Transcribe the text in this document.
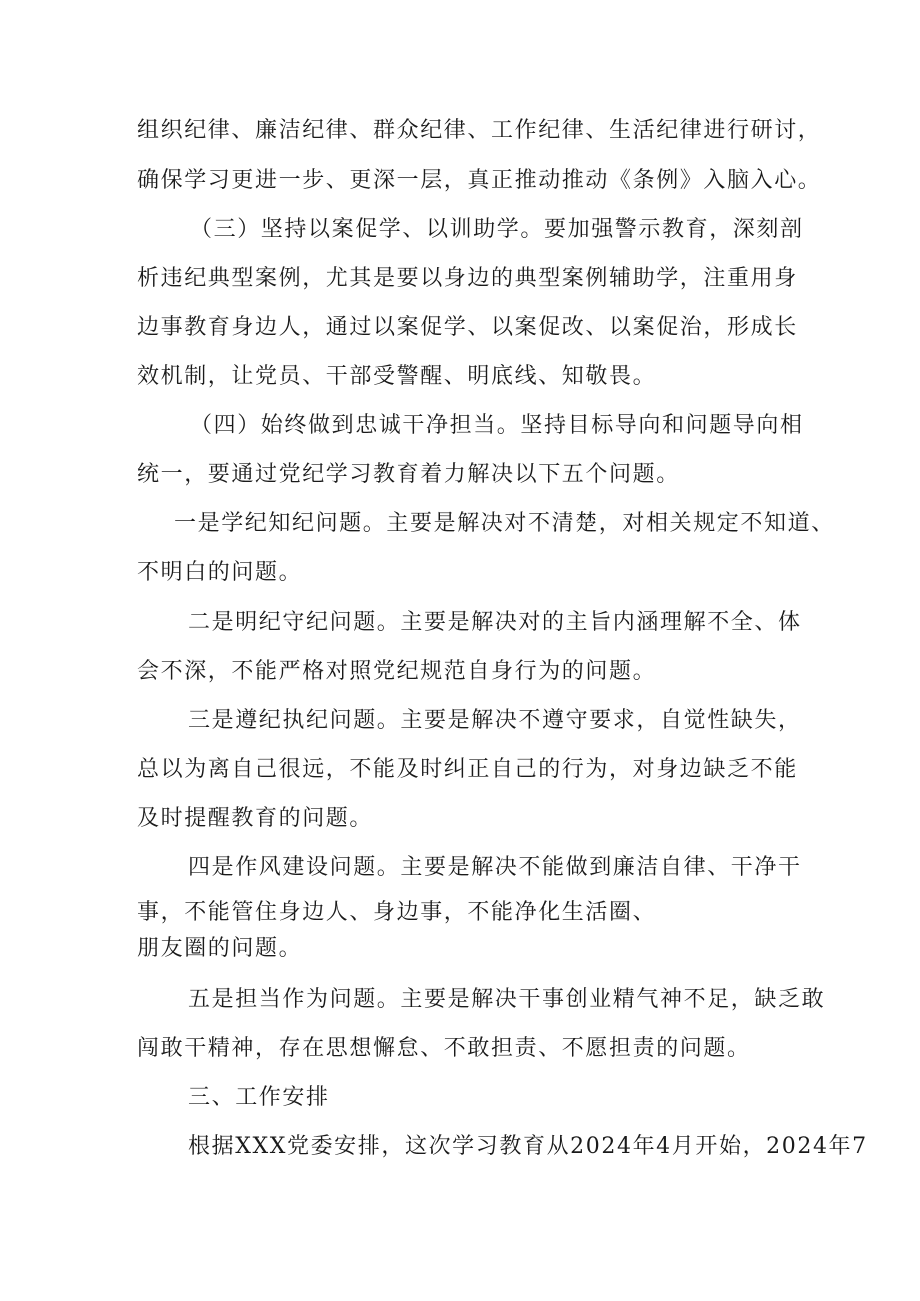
组织纪律、廉洁纪律、群众纪律、工作纪律、生活纪律进行研讨，
确保学习更进一步、更深一层，真正推动推动《条例》入脑入心。
（三）坚持以案促学、以训助学。要加强警示教育，深刻剖
析违纪典型案例，尤其是要以身边的典型案例辅助学，注重用身
边事教育身边人，通过以案促学、以案促改、以案促治，形成长
效机制，让党员、干部受警醒、明底线、知敬畏。
（四）始终做到忠诚干净担当。坚持目标导向和问题导向相
统一，要通过党纪学习教育着力解决以下五个问题。
一是学纪知纪问题。主要是解决对不清楚，对相关规定不知道、
不明白的问题。
二是明纪守纪问题。主要是解决对的主旨内涵理解不全、体
会不深，不能严格对照党纪规范自身行为的问题。
三是遵纪执纪问题。主要是解决不遵守要求，自觉性缺失，
总以为离自己很远，不能及时纠正自己的行为，对身边缺乏不能
及时提醒教育的问题。
四是作风建设问题。主要是解决不能做到廉洁自律、干净干
事，不能管住身边人、身边事，不能净化生活圈、
朋友圈的问题。
五是担当作为问题。主要是解决干事创业精气神不足，缺乏敢
闯敢干精神，存在思想懈怠、不敢担责、不愿担责的问题。
三、工作安排
根据XXX党委安排，这次学习教育从2024年4月开始，2024年7
